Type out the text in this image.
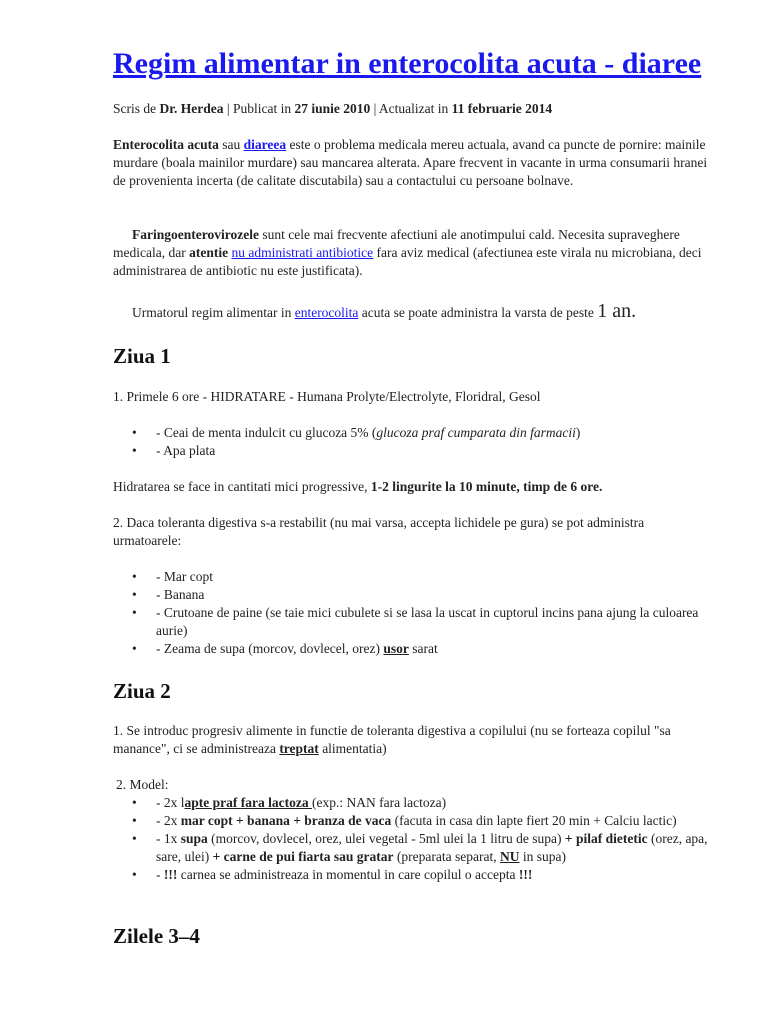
Regim alimentar in enterocolita acuta - diaree

Scris de Dr. Herdea | Publicat in 27 iunie 2010 | Actualizat in 11 februarie 2014

Enterocolita acuta sau diareea este o problema medicala mereu actuala, avand ca puncte de pornire: mainile murdare (boala mainilor murdare) sau mancarea alterata. Apare frecvent in vacante in urma consumarii hranei de provenienta incerta (de calitate discutabila) sau a contactului cu persoane bolnave.

Faringoenterovirozele sunt cele mai frecvente afectiuni ale anotimpului cald. Necesita supraveghere medicala, dar atentie nu administrati antibiotice fara aviz medical (afectiunea este virala nu microbiana, deci administrarea de antibiotic nu este justificata).

Urmatorul regim alimentar in enterocolita acuta se poate administra la varsta de peste 1 an.

Ziua 1

1. Primele 6 ore - HIDRATARE - Humana Prolyte/Electrolyte, Floridral, Gesol

• - Ceai de menta indulcit cu glucoza 5% (glucoza praf cumparata din farmacii)
• - Apa plata

Hidratarea se face in cantitati mici progressive, 1-2 lingurite la 10 minute, timp de 6 ore.

2. Daca toleranta digestiva s-a restabilit (nu mai varsa, accepta lichidele pe gura) se pot administra urmatoarele:

• - Mar copt
• - Banana
• - Crutoane de paine (se taie mici cubulete si se lasa la uscat in cuptorul incins pana ajung la culoarea aurie)
• - Zeama de supa (morcov, dovlecel, orez) usor sarat
Ziua 2

1. Se introduc progresiv alimente in functie de toleranta digestiva a copilului (nu se forteaza copilul "sa manance", ci se administreaza treptat alimentatia)

2. Model:

• - 2x lapte praf fara lactoza (exp.: NAN fara lactoza)
• - 2x mar copt + banana + branza de vaca (facuta in casa din lapte fiert 20 min + Calciu lactic)
• - 1x supa (morcov, dovlecel, orez, ulei vegetal - 5ml ulei la 1 litru de supa) + pilaf dietetic (orez, apa, sare, ulei) + carne de pui fiarta sau gratar (preparata separat, NU in supa)
• - !!! carnea se administreaza in momentul in care copilul o accepta !!!
Zilele 3–4
